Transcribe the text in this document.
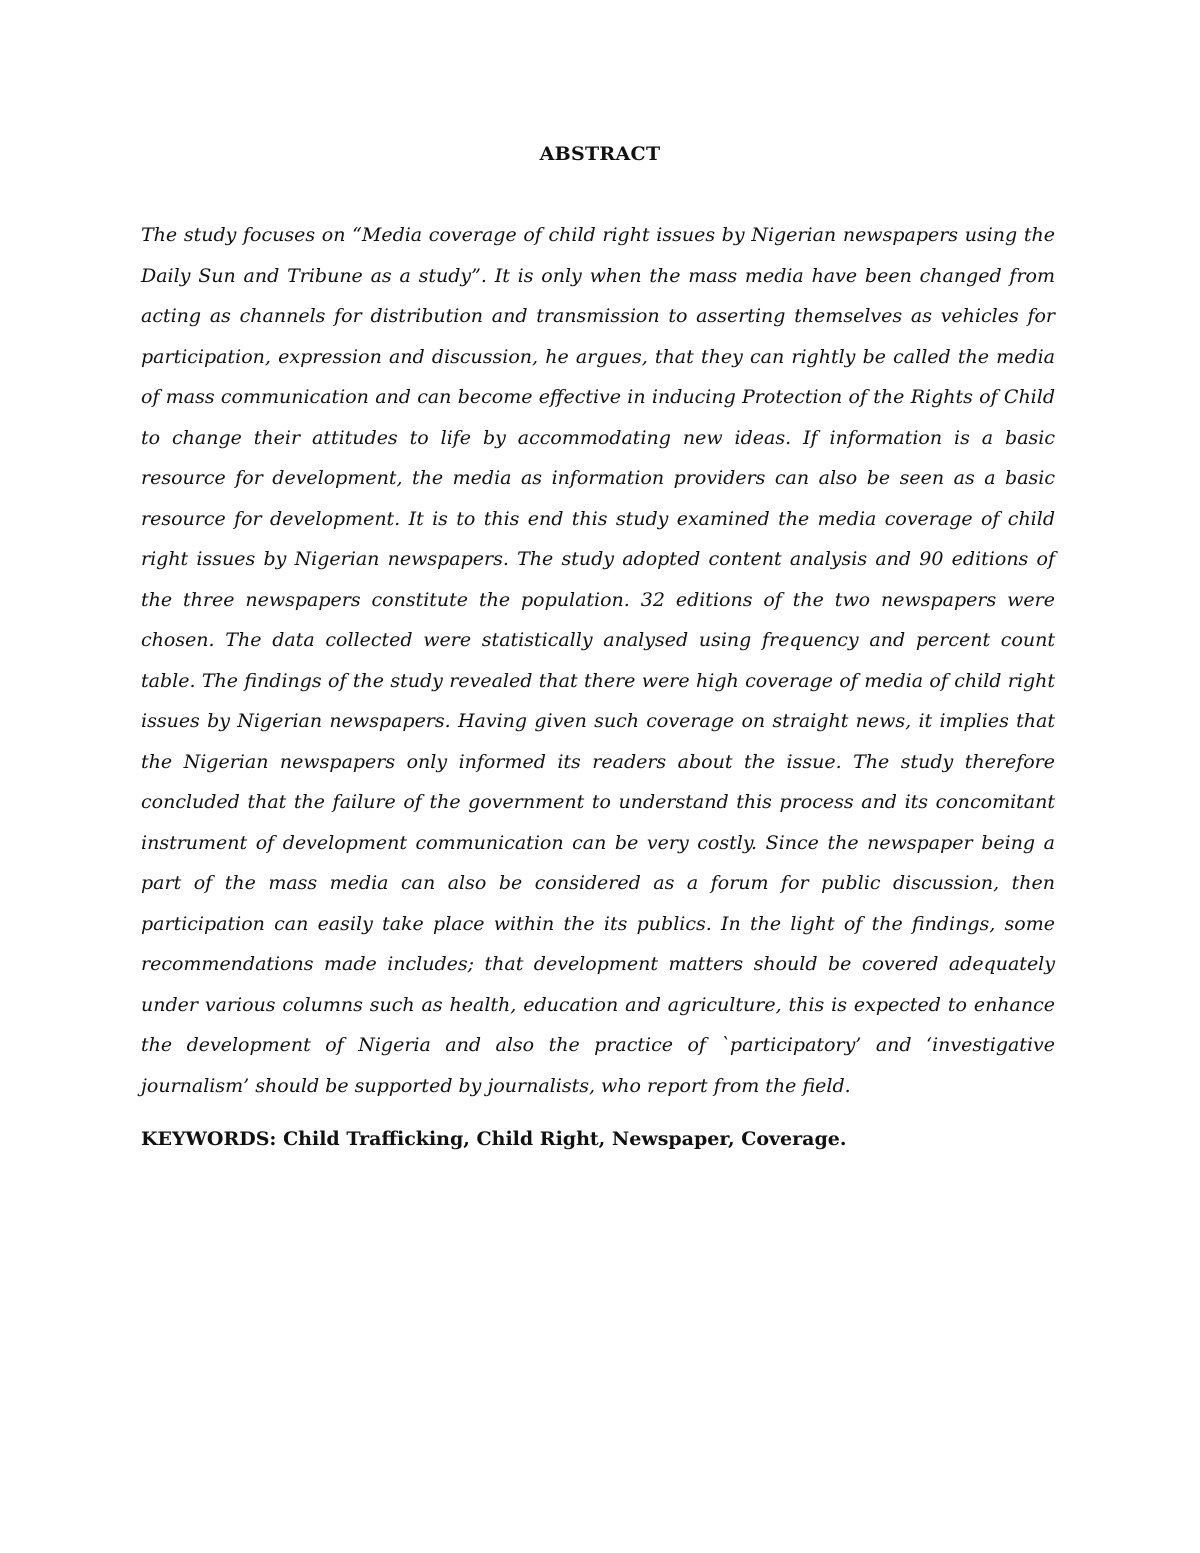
ABSTRACT

The study focuses on “Media coverage of child right issues by Nigerian newspapers using the Daily Sun and Tribune as a study”. It is only when the mass media have been changed from acting as channels for distribution and transmission to asserting themselves as vehicles for participation, expression and discussion, he argues, that they can rightly be called the media of mass communication and can become effective in inducing Protection of the Rights of Child to change their attitudes to life by accommodating new ideas. If information is a basic resource for development, the media as information providers can also be seen as a basic resource for development. It is to this end this study examined the media coverage of child right issues by Nigerian newspapers. The study adopted content analysis and 90 editions of the three newspapers constitute the population. 32 editions of the two newspapers were chosen. The data collected were statistically analysed using frequency and percent count table. The findings of the study revealed that there were high coverage of media of child right issues by Nigerian newspapers. Having given such coverage on straight news, it implies that the Nigerian newspapers only informed its readers about the issue. The study therefore concluded that the failure of the government to understand this process and its concomitant instrument of development communication can be very costly. Since the newspaper being a part of the mass media can also be considered as a forum for public discussion, then participation can easily take place within the its publics. In the light of the findings, some recommendations made includes; that development matters should be covered adequately under various columns such as health, education and agriculture, this is expected to enhance the development of Nigeria and also the practice of `participatory’ and ‘investigative journalism’ should be supported by journalists, who report from the field.

KEYWORDS: Child Trafficking, Child Right, Newspaper, Coverage.
